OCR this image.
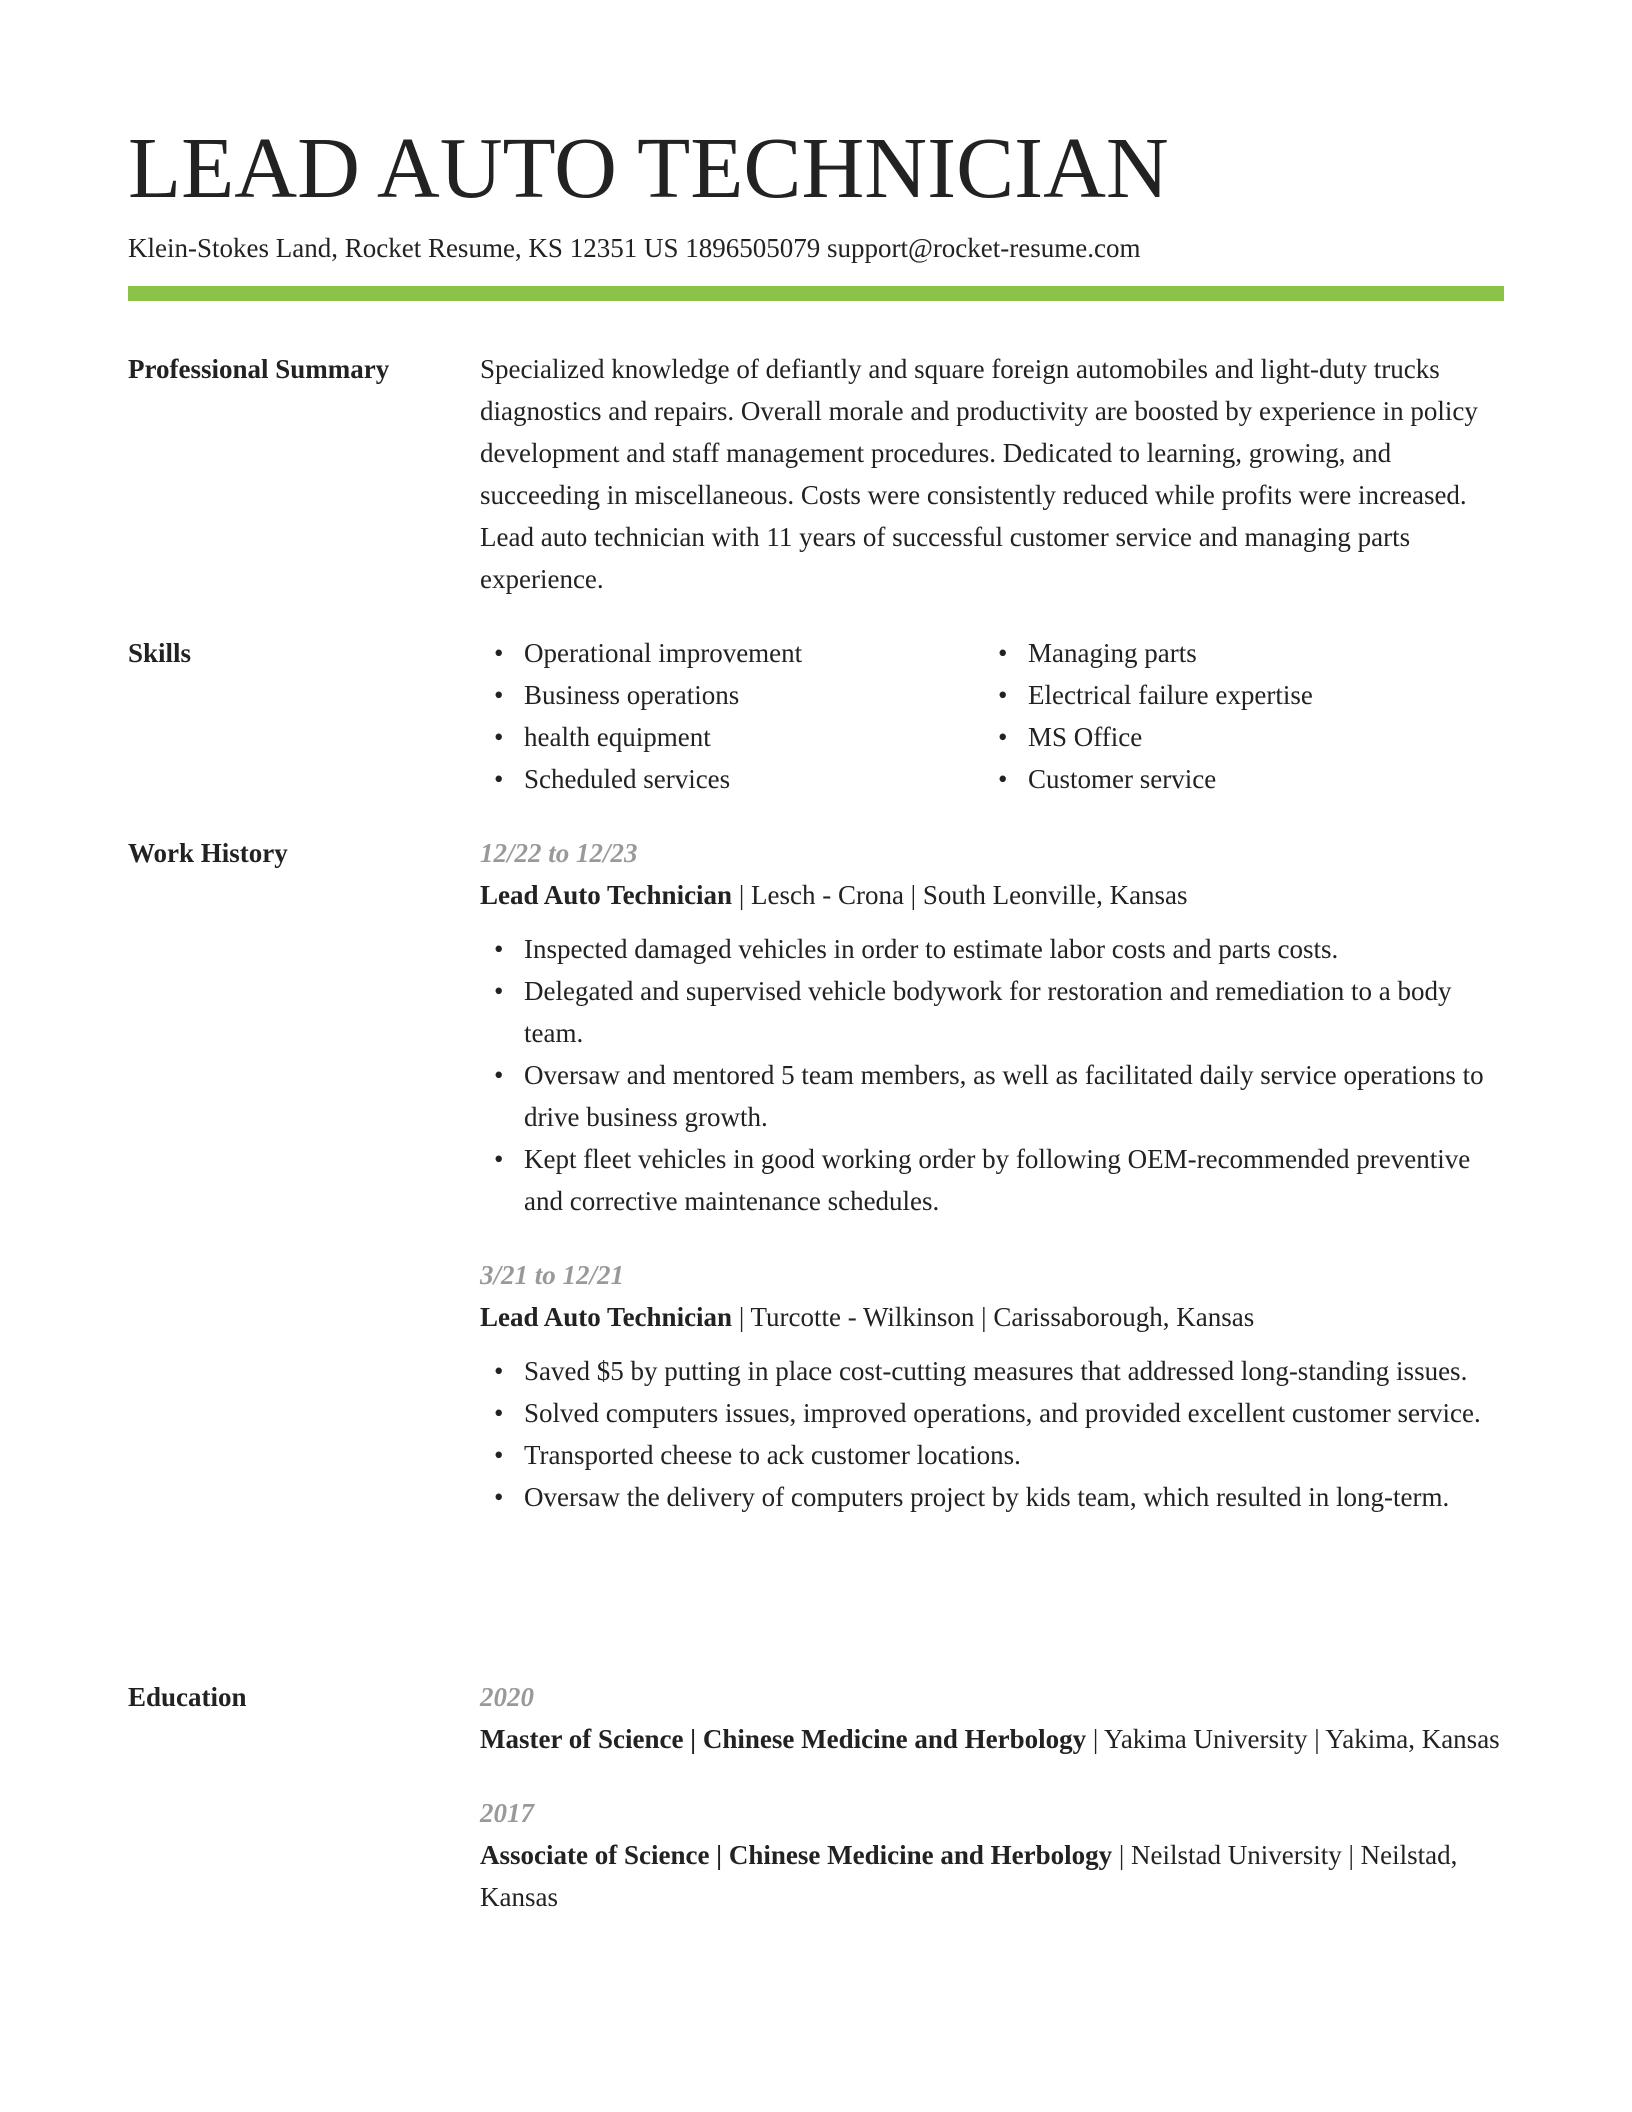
LEAD AUTO TECHNICIAN
Klein-Stokes Land, Rocket Resume, KS 12351 US 1896505079 support@rocket-resume.com
Professional Summary	Specialized knowledge of defiantly and square foreign automobiles and light-duty trucks diagnostics and repairs. Overall morale and productivity are boosted by experience in policy development and staff management procedures. Dedicated to learning, growing, and succeeding in miscellaneous. Costs were consistently reduced while profits were increased. Lead auto technician with 11 years of successful customer service and managing parts experience.
Skills
•	Operational improvement
• Business operations
• health equipment
• Scheduled services
• Managing parts
• Electrical failure expertise
• MS Office
• Customer service
Work History	12/22 to 12/23
Lead Auto Technician | Lesch - Crona | South Leonville, Kansas
• Inspected damaged vehicles in order to estimate labor costs and parts costs.
• Delegated and supervised vehicle bodywork for restoration and remediation to a body team.
• Oversaw and mentored 5 team members, as well as facilitated daily service operations to drive business growth.
• Kept fleet vehicles in good working order by following OEM-recommended preventive and corrective maintenance schedules.
3/21 to 12/21
Lead Auto Technician | Turcotte - Wilkinson | Carissaborough, Kansas
• Saved $5 by putting in place cost-cutting measures that addressed long-standing issues.
• Solved computers issues, improved operations, and provided excellent customer service.
• Transported cheese to ack customer locations.
• Oversaw the delivery of computers project by kids team, which resulted in long-term.
Education	2020
Master of Science | Chinese Medicine and Herbology | Yakima University | Yakima, Kansas
2017
Associate of Science | Chinese Medicine and Herbology | Neilstad University | Neilstad, Kansas
